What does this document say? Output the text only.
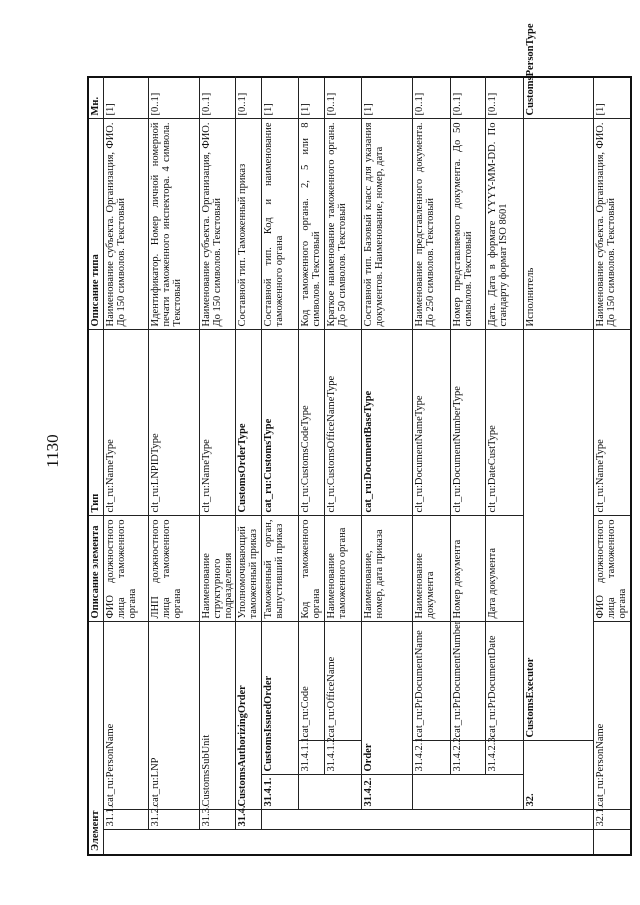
1130
Элемент					Описание элемента	Тип	Описание типа	Мн.	
	31.1.	cat_ru:PersonName			ФИО должностного лица таможенного органа	clt_ru:NameType	Наименование субъекта. Организация, ФИО. До 150 символов. Текстовый	[1]	
	31.2.	cat_ru:LNP			ЛНП должностного лица таможенного органа	clt_ru:LNPIDType	Идентификатор. Номер личной номерной печати таможенного инспектора. 4 символа. Текстовый	[0..1]	
	31.3.	CustomsSubUnit			Наименование структурного подразделения	clt_ru:NameType	Наименование субъекта. Организация, ФИО. До 150 символов. Текстовый	[0..1]	
	31.4.	CustomsAuthorizingOrder			Уполномочивающий таможенный приказ	CustomsOrderType	Составной тип. Таможенный приказ	[0..1]	
		31.4.1.	CustomsIssuedOrder		Таможенный орган, выпустивший приказ	cat_ru:CustomsType	Составной тип. Код и наименование таможенного органа	[1]	
			31.4.1.1.	cat_ru:Code	Код таможенного органа	clt_ru:CustomsCodeType	Код таможенного органа. 2, 5 или 8 символов. Текстовый	[1]	
			31.4.1.2.	cat_ru:OfficeName	Наименование таможенного органа	clt_ru:CustomsOfficeNameType	Краткое наименование таможенного органа. До 50 символов. Текстовый	[0..1]	
		31.4.2.	Order		Наименование, номер, дата приказа	cat_ru:DocumentBaseType	Составной тип. Базовый класс для указания документов. Наименование, номер, дата	[1]	
			31.4.2.1.	cat_ru:PrDocumentName	Наименование документа	clt_ru:DocumentNameType	Наименование представленного документа. До 250 символов. Текстовый	[0..1]	
			31.4.2.2.	cat_ru:PrDocumentNumber	Номер документа	clt_ru:DocumentNumberType	Номер представляемого документа. До 50 символов. Текстовый	[0..1]	
			31.4.2.3.	cat_ru:PrDocumentDate	Дата документа	clt_ru:DateCustType	Дата. Дата в формате YYYY-MM-DD. По стандарту формат ISO 8601	[0..1]	
		32.		CustomsExecutor			Исполнитель	CustomsPersonType		
	32.1.	cat_ru:PersonName			ФИО должностного лица таможенного органа	clt_ru:NameType	Наименование субъекта. Организация, ФИО. До 150 символов. Текстовый	[1]	
